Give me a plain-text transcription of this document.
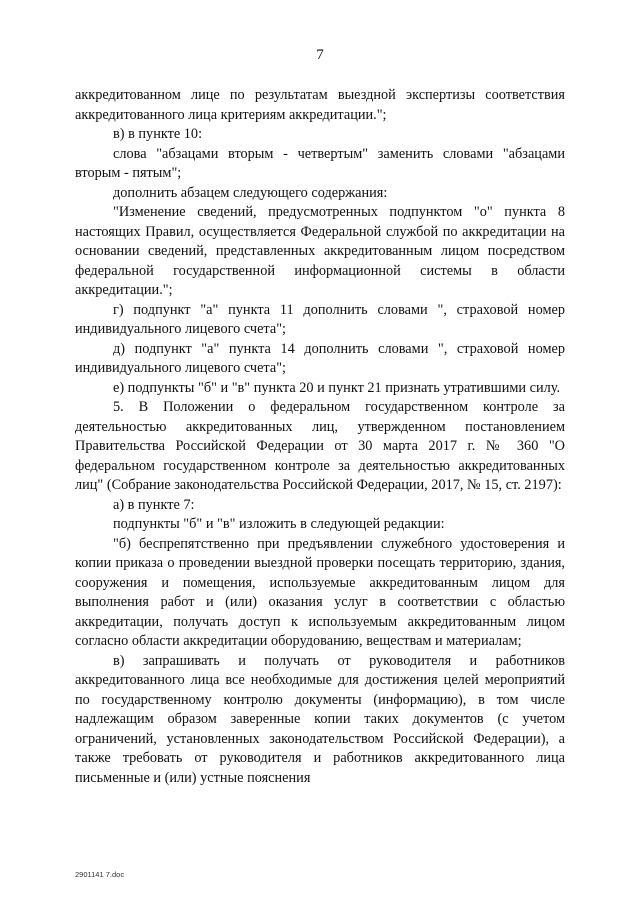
7

аккредитованном лице по результатам выездной экспертизы соответствия аккредитованного лица критериям аккредитации.";

в) в пункте 10:

слова "абзацами вторым - четвертым" заменить словами "абзацами вторым - пятым";

дополнить абзацем следующего содержания:

"Изменение сведений, предусмотренных подпунктом "о" пункта 8 настоящих Правил, осуществляется Федеральной службой по аккредитации на основании сведений, представленных аккредитованным лицом посредством федеральной государственной информационной системы в области аккредитации.";

г) подпункт "а" пункта 11 дополнить словами ", страховой номер индивидуального лицевого счета";

д) подпункт "а" пункта 14 дополнить словами ", страховой номер индивидуального лицевого счета";

е) подпункты "б" и "в" пункта 20 и пункт 21 признать утратившими силу.

5. В Положении о федеральном государственном контроле за деятельностью аккредитованных лиц, утвержденном постановлением Правительства Российской Федерации от 30 марта 2017 г. № 360 "О федеральном государственном контроле за деятельностью аккредитованных лиц" (Собрание законодательства Российской Федерации, 2017, № 15, ст. 2197):

а) в пункте 7:

подпункты "б" и "в" изложить в следующей редакции:

"б) беспрепятственно при предъявлении служебного удостоверения и копии приказа о проведении выездной проверки посещать территорию, здания, сооружения и помещения, используемые аккредитованным лицом для выполнения работ и (или) оказания услуг в соответствии с областью аккредитации, получать доступ к используемым аккредитованным лицом согласно области аккредитации оборудованию, веществам и материалам;

в) запрашивать и получать от руководителя и работников аккредитованного лица все необходимые для достижения целей мероприятий по государственному контролю документы (информацию), в том числе надлежащим образом заверенные копии таких документов (с учетом ограничений, установленных законодательством Российской Федерации), а также требовать от руководителя и работников аккредитованного лица письменные и (или) устные пояснения

2901141 7.doc
